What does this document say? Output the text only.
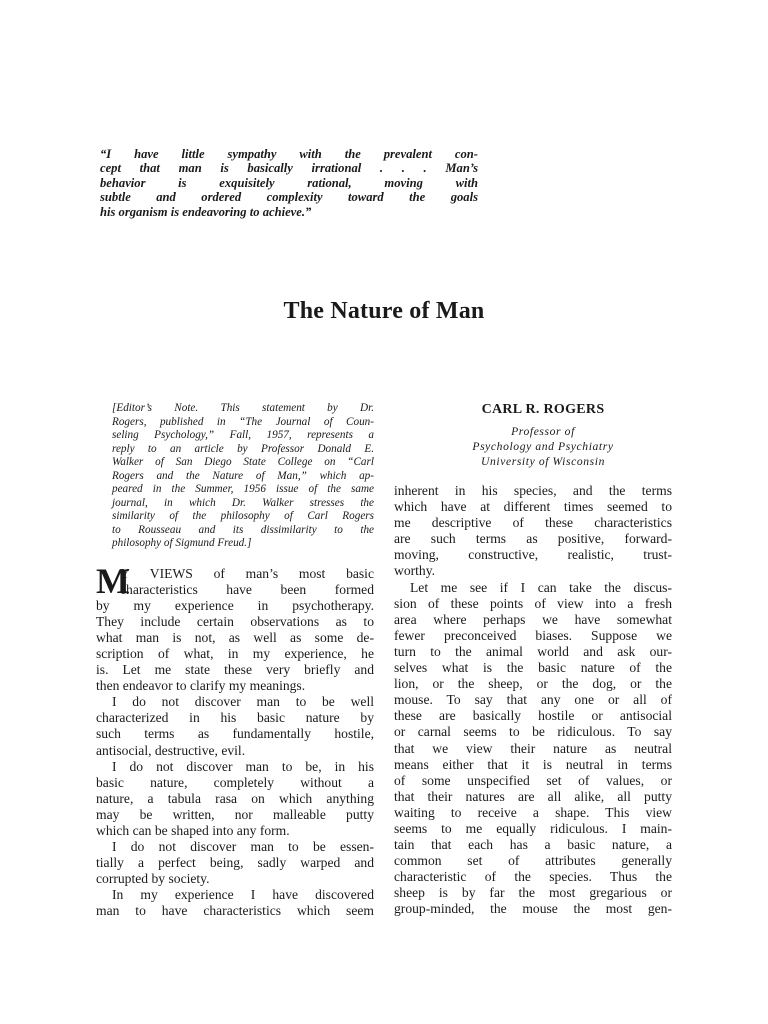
“I have little sympathy with the prevalent con-
cept that man is basically irrational . . . Man’s
behavior is exquisitely rational, moving with
subtle and ordered complexity toward the goals
his organism is endeavoring to achieve.”
The Nature of Man
[Editor’s Note. This statement by Dr.
Rogers, published in “The Journal of Coun-
seling Psychology,” Fall, 1957, represents a
reply to an article by Professor Donald E.
Walker of San Diego State College on “Carl
Rogers and the Nature of Man,” which ap-
peared in the Summer, 1956 issue of the same
journal, in which Dr. Walker stresses the
similarity of the philosophy of Carl Rogers
to Rousseau and its dissimilarity to the
philosophy of Sigmund Freud.]
M
Y VIEWS of man’s most basic
characteristics have been formed
by my experience in psychotherapy.
They include certain observations as to
what man is not, as well as some de-
scription of what, in my experience, he
is. Let me state these very briefly and
then endeavor to clarify my meanings.
I do not discover man to be well
characterized in his basic nature by
such terms as fundamentally hostile,
antisocial, destructive, evil.
I do not discover man to be, in his
basic nature, completely without a
nature, a tabula rasa on which anything
may be written, nor malleable putty
which can be shaped into any form.
I do not discover man to be essen-
tially a perfect being, sadly warped and
corrupted by society.
In my experience I have discovered
man to have characteristics which seem
CARL R. ROGERS
Professor of
Psychology and Psychiatry
University of Wisconsin
inherent in his species, and the terms
which have at different times seemed to
me descriptive of these characteristics
are such terms as positive, forward-
moving, constructive, realistic, trust-
worthy.
Let me see if I can take the discus-
sion of these points of view into a fresh
area where perhaps we have somewhat
fewer preconceived biases. Suppose we
turn to the animal world and ask our-
selves what is the basic nature of the
lion, or the sheep, or the dog, or the
mouse. To say that any one or all of
these are basically hostile or antisocial
or carnal seems to be ridiculous. To say
that we view their nature as neutral
means either that it is neutral in terms
of some unspecified set of values, or
that their natures are all alike, all putty
waiting to receive a shape. This view
seems to me equally ridiculous. I main-
tain that each has a basic nature, a
common set of attributes generally
characteristic of the species. Thus the
sheep is by far the most gregarious or
group-minded, the mouse the most gen-
